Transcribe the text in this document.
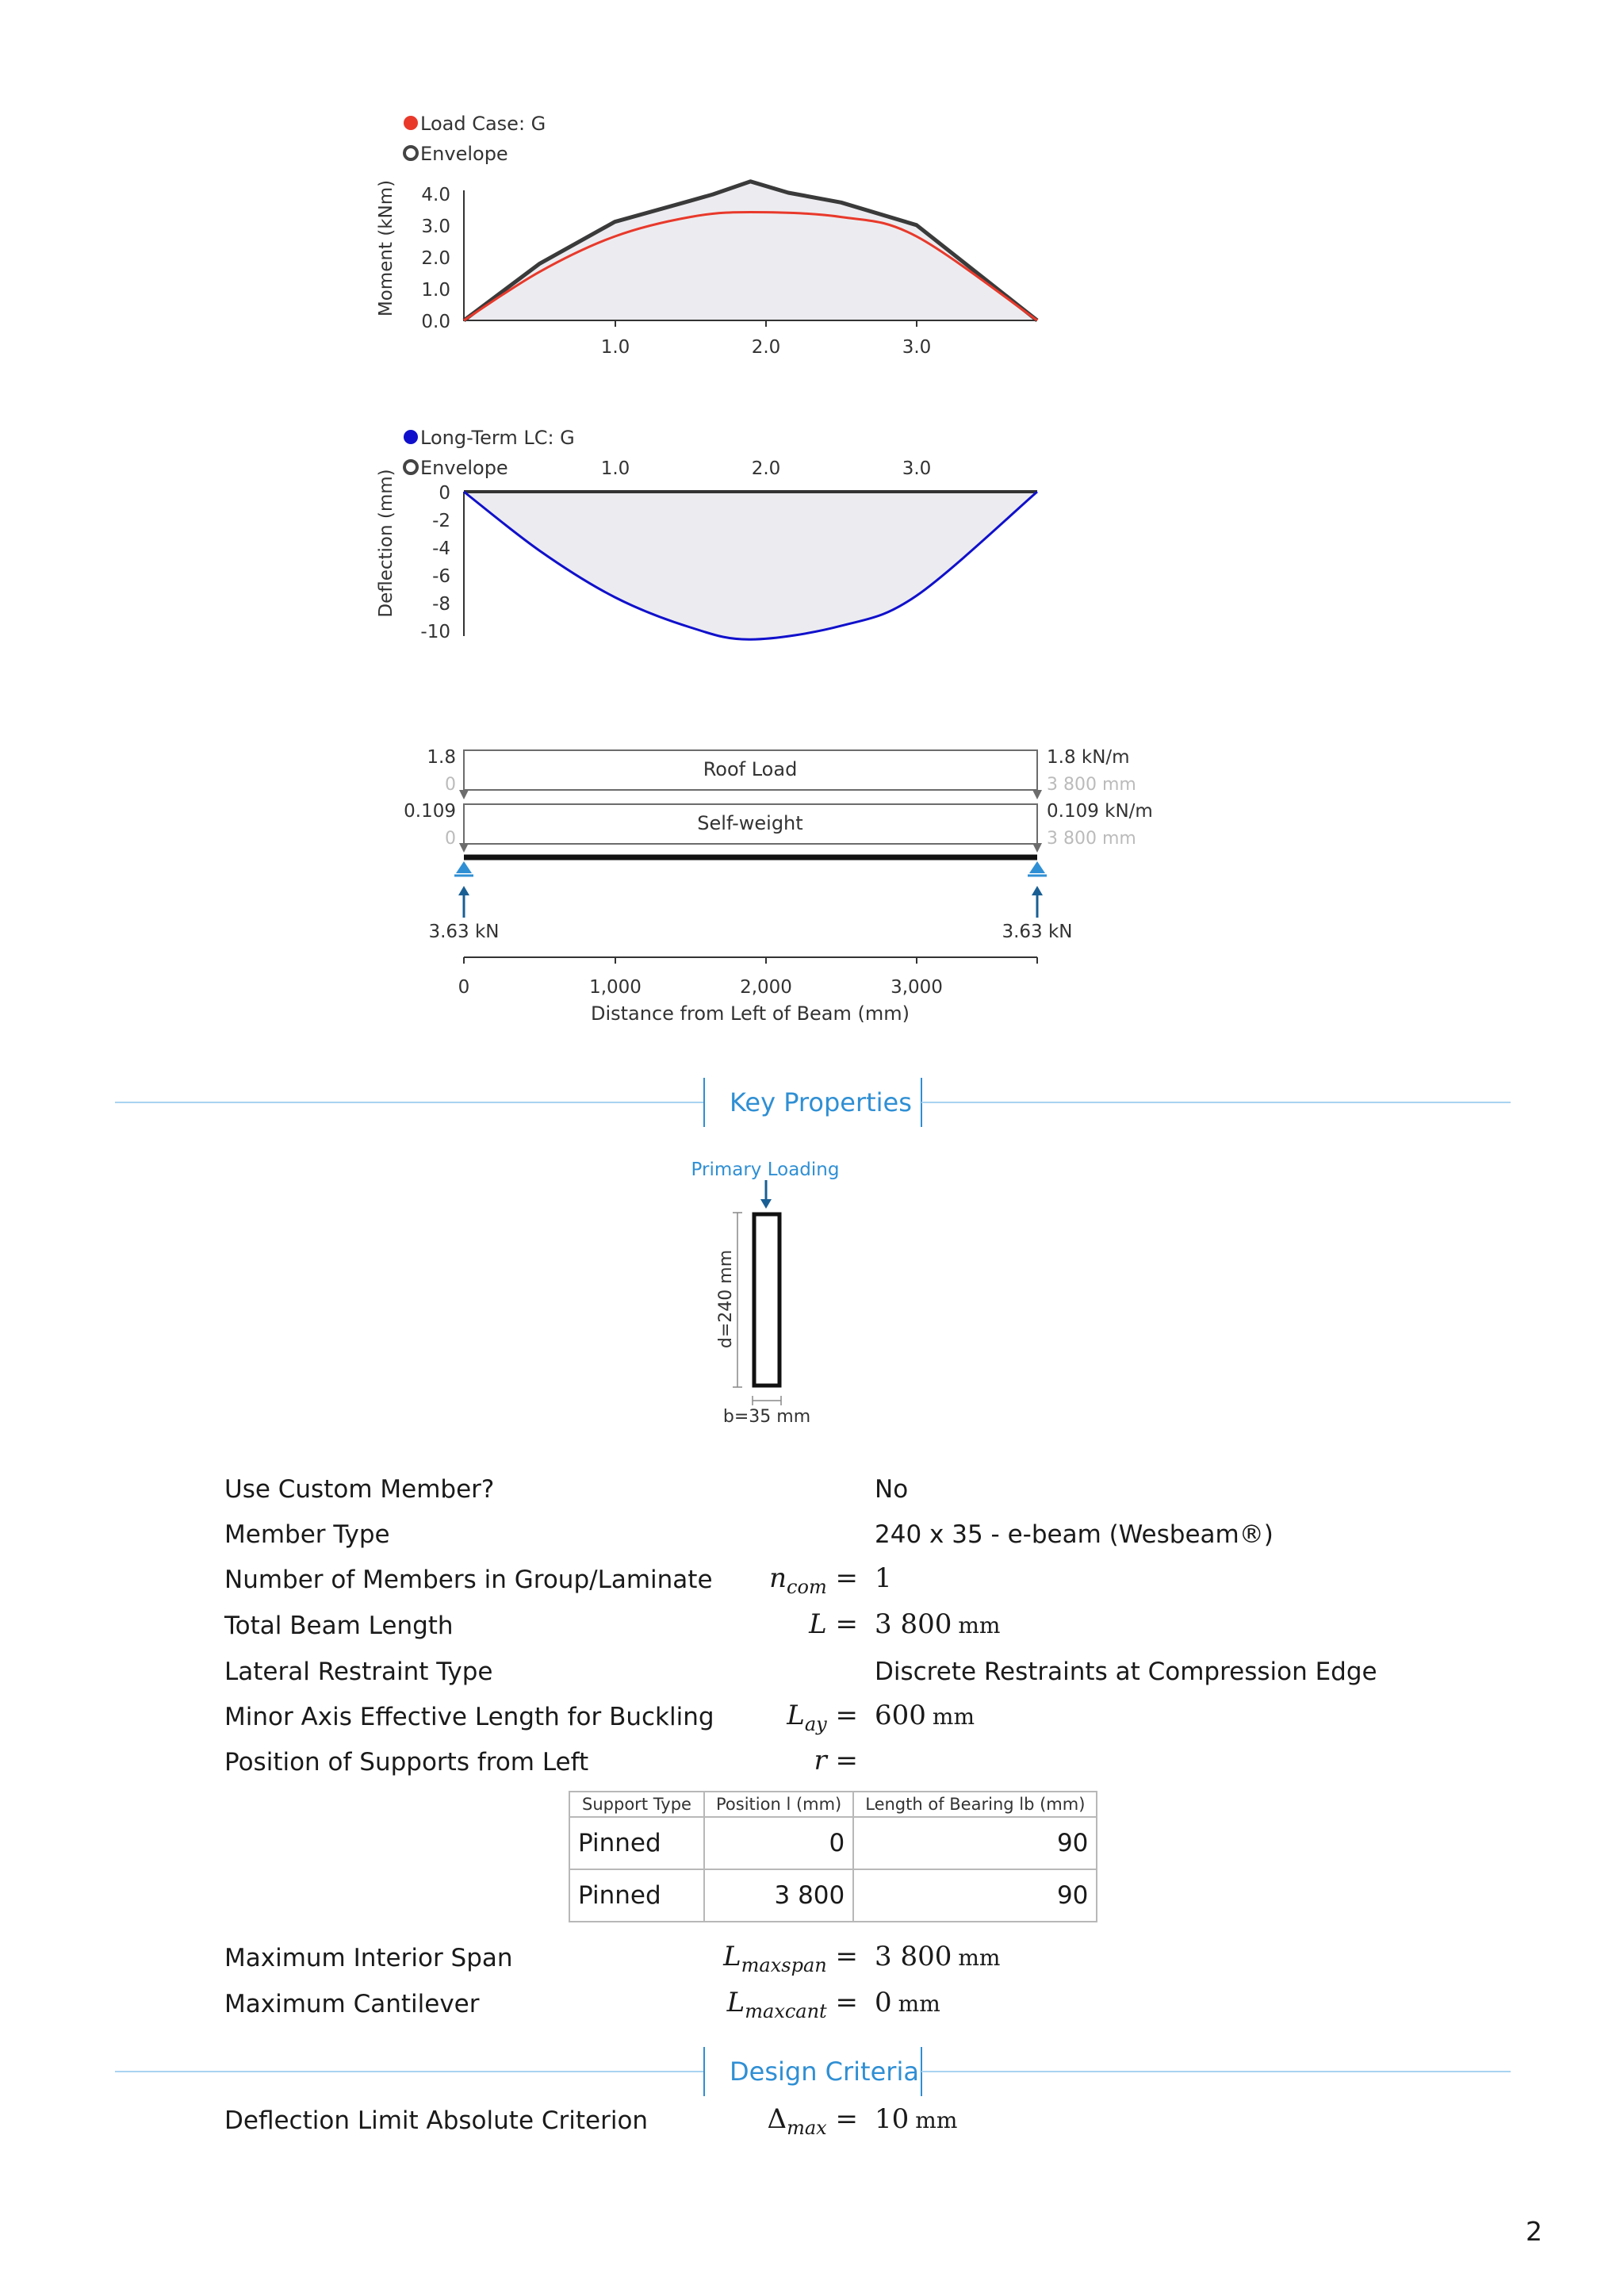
Load Case: G
Envelope
Moment (kNm) 4.0
3.0
2.0
1.0
0.0
1.0	2.0	3.0
Long-Term LC: G
Envelope	1.0	2.0	3.0
Deflection (mm) 0
-2
-4
-6
-8
-10
1.8
0
Roof Load
1.8 kN/m
3 800 mm
0.109
0
Self-weight
0.109 kN/m
3 800 mm
3.63 kN	3.63 kN
0	1,000	2,000	3,000
Distance from Left of Beam (mm)
Key Properties
Primary Loading
d=240 mm
b=35 mm
Use Custom Member?	No
Member Type	240 x 35 - e-beam (Wesbeam®)
Number of Members in Group/Laminate	$n_{com} = 1$
Total Beam Length	L = 3 800 mm
Lateral Restraint Type	Discrete Restraints at Compression Edge
Minor Axis Effective Length for Buckling	$L_{ay} = 600$ mm
Position of Supports from Left	r =
Support Type	Position l (mm)	Length of Bearing lb (mm)
Pinned	0	90
Pinned	3 800	90
Maximum Interior Span	$L_{maxspan} = 3$ 800 mm
Maximum Cantilever	$L_{maxcant} = 0$ mm
Design Criteria
Deflection Limit Absolute Criterion	$\Delta_{max} = 10$ mm
2
